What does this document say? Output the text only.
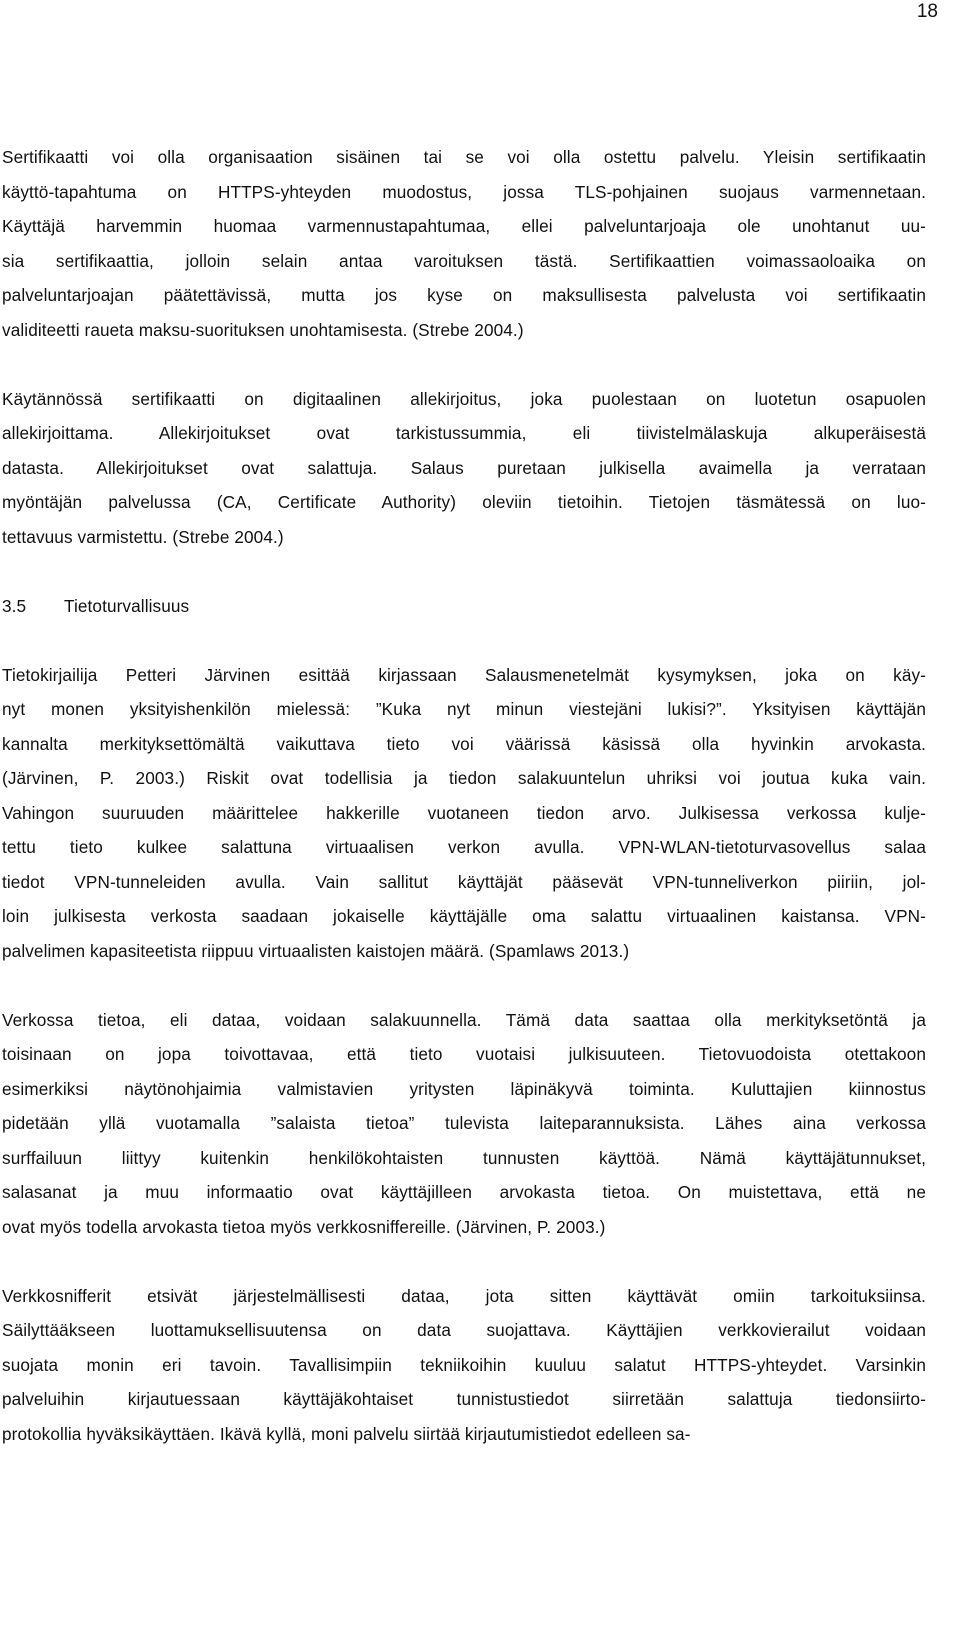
18
Sertifikaatti voi olla organisaation sisäinen tai se voi olla ostettu palvelu. Yleisin sertifikaatin
käyttö-tapahtuma on HTTPS-yhteyden muodostus, jossa TLS-pohjainen suojaus varmennetaan.
Käyttäjä harvemmin huomaa varmennustapahtumaa, ellei palveluntarjoaja ole unohtanut uu-
sia sertifikaattia, jolloin selain antaa varoituksen tästä. Sertifikaattien voimassaoloaika on
palveluntarjoajan päätettävissä, mutta jos kyse on maksullisesta palvelusta voi sertifikaatin
validiteetti raueta maksu-suorituksen unohtamisesta. (Strebe 2004.)
Käytännössä sertifikaatti on digitaalinen allekirjoitus, joka puolestaan on luotetun osapuolen
allekirjoittama. Allekirjoitukset ovat tarkistussummia, eli tiivistelmälaskuja alkuperäisestä
datasta. Allekirjoitukset ovat salattuja. Salaus puretaan julkisella avaimella ja verrataan
myöntäjän palvelussa (CA, Certificate Authority) oleviin tietoihin. Tietojen täsmätessä on luo-
tettavuus varmistettu. (Strebe 2004.)
3.5 Tietoturvallisuus
Tietokirjailija Petteri Järvinen esittää kirjassaan Salausmenetelmät kysymyksen, joka on käy-
nyt monen yksityishenkilön mielessä: ”Kuka nyt minun viestejäni lukisi?”. Yksityisen käyttäjän
kannalta merkityksettömältä vaikuttava tieto voi väärissä käsissä olla hyvinkin arvokasta.
(Järvinen, P. 2003.) Riskit ovat todellisia ja tiedon salakuuntelun uhriksi voi joutua kuka vain.
Vahingon suuruuden määrittelee hakkerille vuotaneen tiedon arvo. Julkisessa verkossa kulje-
tettu tieto kulkee salattuna virtuaalisen verkon avulla. VPN-WLAN-tietoturvasovellus salaa
tiedot VPN-tunneleiden avulla. Vain sallitut käyttäjät pääsevät VPN-tunneliverkon piiriin, jol-
loin julkisesta verkosta saadaan jokaiselle käyttäjälle oma salattu virtuaalinen kaistansa. VPN-
palvelimen kapasiteetista riippuu virtuaalisten kaistojen määrä. (Spamlaws 2013.)
Verkossa tietoa, eli dataa, voidaan salakuunnella. Tämä data saattaa olla merkityksetöntä ja
toisinaan on jopa toivottavaa, että tieto vuotaisi julkisuuteen. Tietovuodoista otettakoon
esimerkiksi näytönohjaimia valmistavien yritysten läpinäkyvä toiminta. Kuluttajien kiinnostus
pidetään yllä vuotamalla ”salaista tietoa” tulevista laiteparannuksista. Lähes aina verkossa
surffailuun liittyy kuitenkin henkilökohtaisten tunnusten käyttöä. Nämä käyttäjätunnukset,
salasanat ja muu informaatio ovat käyttäjilleen arvokasta tietoa. On muistettava, että ne
ovat myös todella arvokasta tietoa myös verkkosniffereille. (Järvinen, P. 2003.)
Verkkosnifferit etsivät järjestelmällisesti dataa, jota sitten käyttävät omiin tarkoituksiinsa.
Säilyttääkseen luottamuksellisuutensa on data suojattava. Käyttäjien verkkovierailut voidaan
suojata monin eri tavoin. Tavallisimpiin tekniikoihin kuuluu salatut HTTPS-yhteydet. Varsinkin
palveluihin kirjautuessaan käyttäjäkohtaiset tunnistustiedot siirretään salattuja tiedonsiirto-
protokollia hyväksikäyttäen. Ikävä kyllä, moni palvelu siirtää kirjautumistiedot edelleen sa-
